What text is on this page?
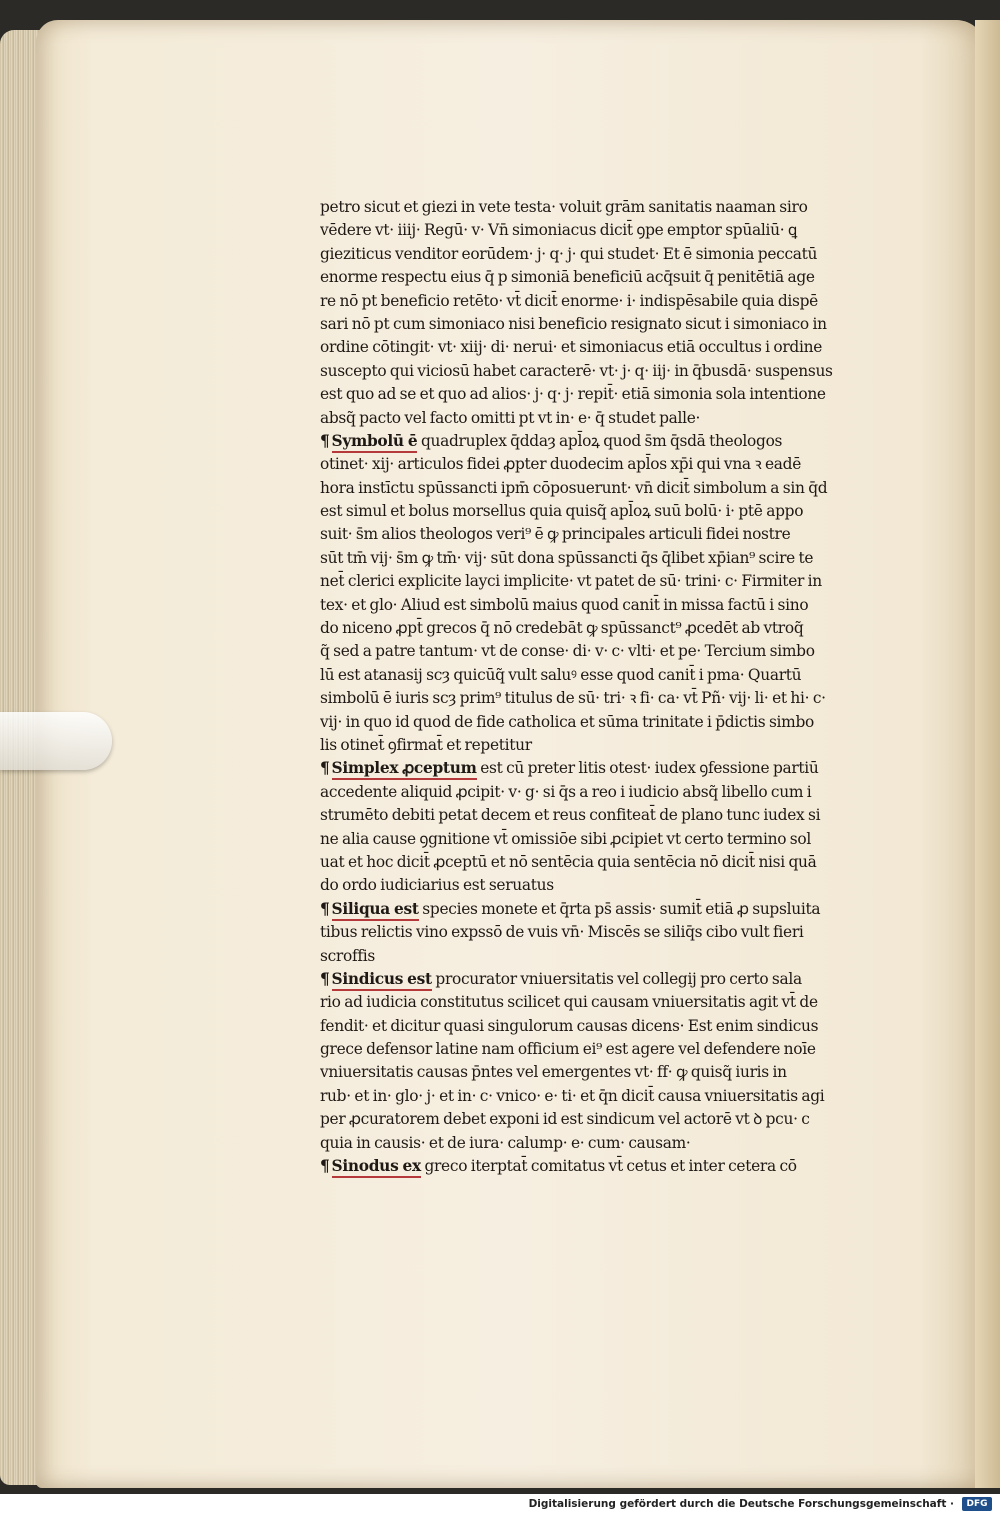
petro sicut et giezi in vete testa· voluit grām sanitatis naaman siro
vēdere vt· iiij· Regū· v· Vn̄ simoniacus dicit̄ ꝯpe emptor spūaliū· ꝗ
gieziticus venditor eorūdem· j· q· j· qui studet· Et ē simonia peccatū
enorme respectu eius q̄ p simoniā beneficiū acq̄suit q̄ penitētiā age
re nō pt beneficio retēto· vt̄ dicit̄ enorme· i· indispēsabile quia dispē
sari nō pt cum simoniaco nisi beneficio resignato sicut i simoniaco in
ordine cōtingit· vt· xiij· di· nerui· et simoniacus etiā occultus i ordine
suscepto qui viciosū habet caracterē· vt· j· q· iij· in q̄busdā· suspensus
est quo ad se et quo ad alios· j· q· j· repit̄· etiā simonia sola intentione
absq̃ pacto vel facto omitti pt vt in· e· q̄ studet palle·
¶ Symbolū ē quadruplex q̄ddaȝ apl̄oꝝ quod s̄m q̄sdā theologos
otinet· xij· articulos fidei ꝓpter duodecim apl̄os xp̄i qui vna ꝛ eadē
hora instīctu spūssancti ipm̄ cōposuerunt· vn̄ dicit̄ simbolum a sin q̄d
est simul et bolus morsellus quia quisq̃ apl̄oꝝ suū bolū· i· ptē appo
suit· s̄m alios theologos veri⁹ ē ꝙ principales articuli fidei nostre
sūt tm̄ vij· s̄m ꝙ tm̄· vij· sūt dona spūssancti q̄s q̄libet xp̄ian⁹ scire te
net̄ clerici explicite layci implicite· vt patet de sū· trini· c· Firmiter in
tex· et glo· Aliud est simbolū maius quod canit̄ in missa factū i sino
do niceno ꝓpt̄ grecos q̄ nō credebāt ꝙ spūssanct⁹ ꝓcedēt ab vtroq̃
q̃ sed a patre tantum· vt de conse· di· v· c· vlti· et pe· Tercium simbo
lū est atanasij scȝ quicūq̃ vult saluꝰ esse quod canit̄ i pma· Quartū
simbolū ē iuris scȝ prim⁹ titulus de sū· tri· ꝛ fi· ca· vt̄ Pñ· vij· li· et hi· c·
vij· in quo id quod de fide catholica et sūma trinitate i p̄dictis simbo
lis otinet̄ ꝯfirmat̄ et repetitur
¶ Simplex ꝓceptum est cū preter litis otest· iudex ꝯfessione partiū
accedente aliquid ꝓcipit· v· g· si q̄s a reo i iudicio absq̃ libello cum i
strumēto debiti petat decem et reus confiteat̄ de plano tunc iudex si
ne alia cause ꝯgnitione vt̄ omissiōe sibi ꝓcipiet vt certo termino sol
uat et hoc dicit̄ ꝓceptū et nō sentēcia quia sentēcia nō dicit̄ nisi quā
do ordo iudiciarius est seruatus
¶ Siliqua est species monete et q̄rta ps̄ assis· sumit̄ etiā ꝓ supsluita
tibus relictis vino expssō de vuis vn̄· Miscēs se siliq̄s cibo vult fieri
scroffis
¶ Sindicus est procurator vniuersitatis vel collegij pro certo sala
rio ad iudicia constitutus scilicet qui causam vniuersitatis agit vt̄ de
fendit· et dicitur quasi singulorum causas dicens· Est enim sindicus
grece defensor latine nam officium ei⁹ est agere vel defendere noīe
vniuersitatis causas p̄ntes vel emergentes vt· ff· ꝙ quisq̃ iuris in
rub· et in· glo· j· et in· c· vnico· e· ti· et q̄n dicit̄ causa vniuersitatis agi
per ꝓcuratorem debet exponi id est sindicum vel actorē vt ꝺ pcu· c
quia in causis· et de iura· calump· e· cum· causam·
¶ Sinodus ex greco iterptat̄ comitatus vt̄ cetus et inter cetera cō
Digitalisierung gefördert durch die Deutsche Forschungsgemeinschaft ·	DFG
